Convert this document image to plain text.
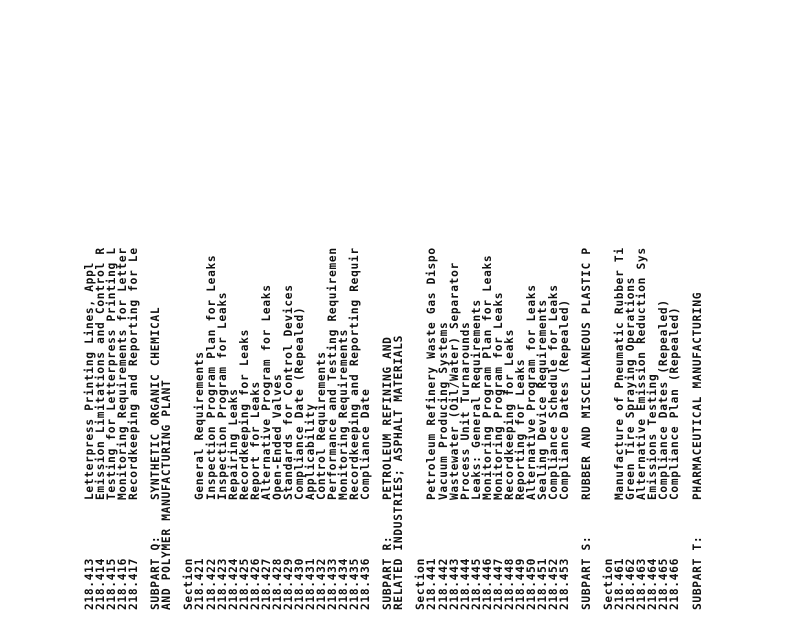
218.413Letterpress Printing Lines, Appl
218.414Emission Limitations and Control R
218.415Testing for Letterpress Printing L
218.416Monitoring Requirements for Letter
218.417Recordkeeping and Reporting for Le
SUBPART Q:SYNTHETIC ORGANIC CHEMICAL
AND POLYMER MANUFACTURING PLANT Section
218.421General Requirements
218.422Inspection Program Plan for Leaks
218.423Inspection Program for Leaks
218.424Repairing Leaks
218.425Recordkeeping for Leaks
218.426Report for Leaks
218.427Alternative Program for Leaks
218.428Open-Ended Valves
218.429Standards for Control Devices
218.430Compliance Date (Repealed)
218.431Applicability
218.432Control Requirements
218.433Performance and Testing Requiremen
218.434Monitoring Requirements
218.435Recordkeeping and Reporting Requir
218.436Compliance Date
SUBPART R:PETROLEUM REFINING AND
RELATED INDUSTRIES; ASPHALT MATERIALS Section
218.441Petroleum Refinery Waste Gas Dispo
218.442Vacuum Producing Systems
218.443Wastewater (Oil/Water) Separator
218.444Process Unit Turnarounds
218.445Leaks: General Requirements
218.446Monitoring Program Plan for Leaks
218.447Monitoring Program for Leaks
218.448Recordkeeping for Leaks
218.449Reporting for Leaks
218.450Alternative Program for Leaks
218.451Sealing Device Requirements
218.452Compliance Schedule for Leaks
218.453Compliance Dates (Repealed)
SUBPART S:RUBBER AND MISCELLANEOUS PLASTIC P
Section
218.461Manufacture of Pneumatic Rubber Ti
218.462Green Tire Spraying Operations
218.463Alternative Emission Reduction Sys
218.464Emissions Testing
218.465Compliance Dates (Repealed)
218.466Compliance Plan (Repealed)
SUBPART T:PHARMACEUTICAL MANUFACTURING
